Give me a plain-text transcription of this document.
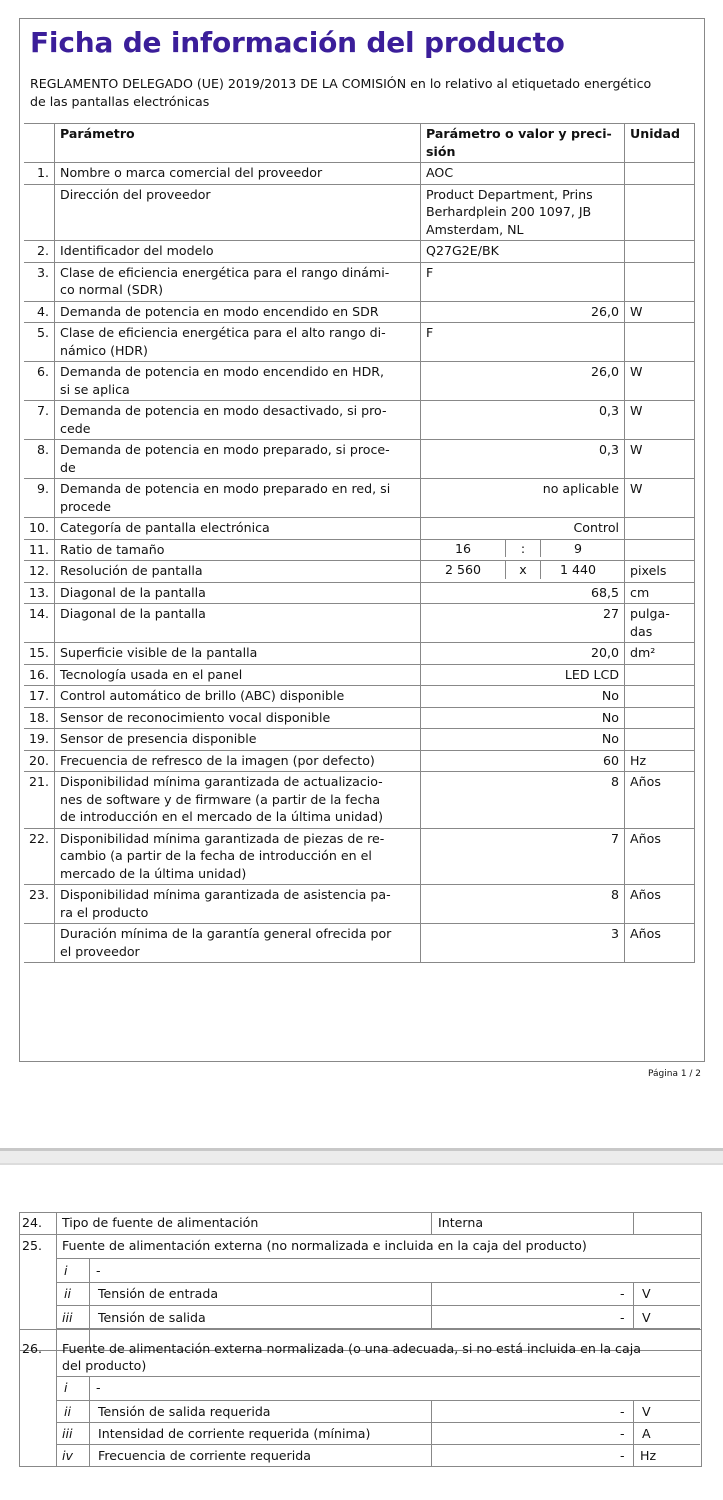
Ficha de información del producto
REGLAMENTO DELEGADO (UE) 2019/2013 DE LA COMISIÓN en lo relativo al etiquetado energético
de las pantallas electrónicas
	Parámetro	Parámetro o valor y preci-
sión	Unidad
1.	Nombre o marca comercial del proveedor	AOC	
	Dirección del proveedor	Product Department, Prins
Berhardplein 200 1097, JB
Amsterdam, NL	

2.	Identificador del modelo	Q27G2E/BK	
3.	Clase de eficiencia energética para el rango dinámi-
co normal (SDR)	F	
4.	Demanda de potencia en modo encendido en SDR	26,0	W
5.	Clase de eficiencia energética para el alto rango di-
námico (HDR)	F	
6.	Demanda de potencia en modo encendido en HDR,
si se aplica	26,0	W
7.	Demanda de potencia en modo desactivado, si pro-
cede	0,3	W
8.	Demanda de potencia en modo preparado, si proce-
de	0,3	W
9.	Demanda de potencia en modo preparado en red, si
procede	no aplicable	W
10.	Categoría de pantalla electrónica	Control	
11.	Ratio de tamaño	16 : 9	

12.	Resolución de pantalla	2 560 x 1 440	pixels
13.	Diagonal de la pantalla	68,5	cm
14.	Diagonal de la pantalla	27	pulga-
das

15.	Superficie visible de la pantalla	20,0	dm²
16.	Tecnología usada en el panel	LED LCD	
17.	Control automático de brillo (ABC) disponible	No	
18.	Sensor de reconocimiento vocal disponible	No	
19.	Sensor de presencia disponible	No	
20.	Frecuencia de refresco de la imagen (por defecto)	60	Hz
21.	Disponibilidad mínima garantizada de actualizacio-
nes de software y de firmware (a partir de la fecha
de introducción en el mercado de la última unidad)	8	Años
22.	Disponibilidad mínima garantizada de piezas de re-
cambio (a partir de la fecha de introducción en el
mercado de la última unidad)	7	Años
23.	Disponibilidad mínima garantizada de asistencia pa-
ra el producto	8	Años

	Duración mínima de la garantía general ofrecida por
el proveedor	3	Años
Página 1 / 2
24. Tipo de fuente de alimentación	Interna
25. Fuente de alimentación externa (no normalizada e incluida en la caja del producto)
i -
ii Tensión de entrada	- V
iii Tensión de salida	- V
26. Fuente de alimentación externa normalizada (o una adecuada, si no está incluida en la caja
del producto)
i -
ii Tensión de salida requerida	- V
iii Intensidad de corriente requerida (mínima)	- A
iv Frecuencia de corriente requerida	- Hz
